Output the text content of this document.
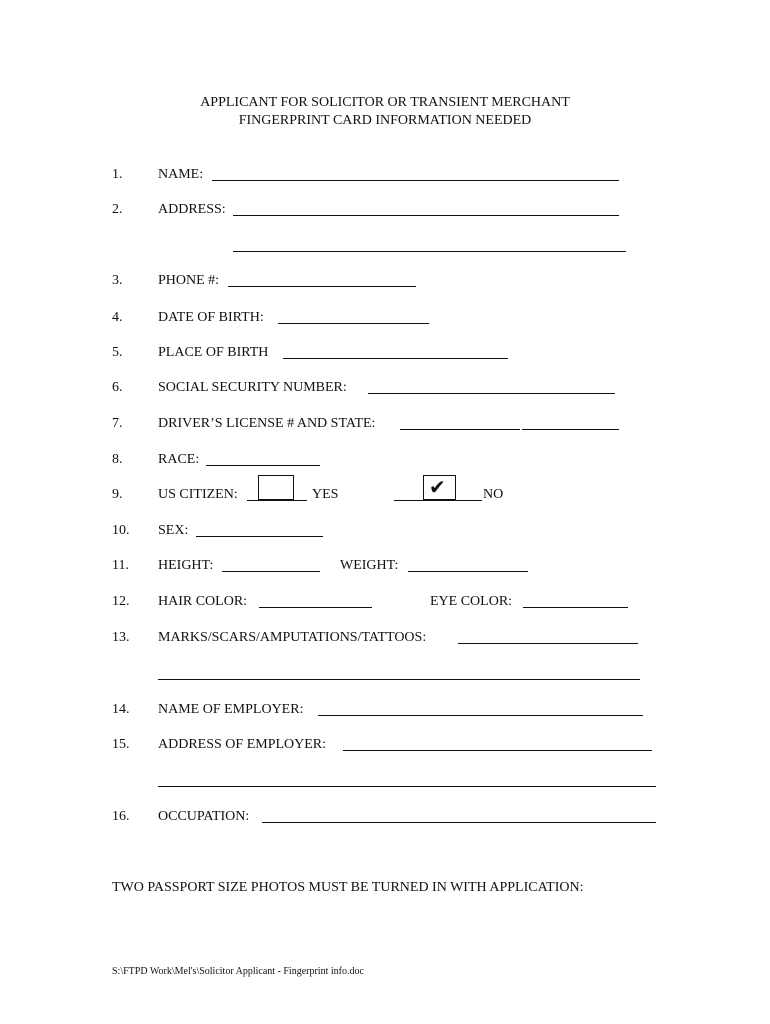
APPLICANT FOR SOLICITOR OR TRANSIENT MERCHANT
FINGERPRINT CARD INFORMATION NEEDED
1.	NAME:
2.	ADDRESS:
3.	PHONE #:
4.	DATE OF BIRTH:
5.	PLACE OF BIRTH
6.	SOCIAL SECURITY NUMBER:
7.	DRIVER’S LICENSE # AND STATE:
8.	RACE:
9.	US CITIZEN:	YES	✔	NO
10. SEX:
11. HEIGHT:	WEIGHT:
12. HAIR COLOR:	EYE COLOR:
13. MARKS/SCARS/AMPUTATIONS/TATTOOS:
14. NAME OF EMPLOYER:
15. ADDRESS OF EMPLOYER:
16. OCCUPATION:
TWO PASSPORT SIZE PHOTOS MUST BE TURNED IN WITH APPLICATION:
S:\FTPD Work\Mel's\Solicitor Applicant - Fingerprint info.doc
